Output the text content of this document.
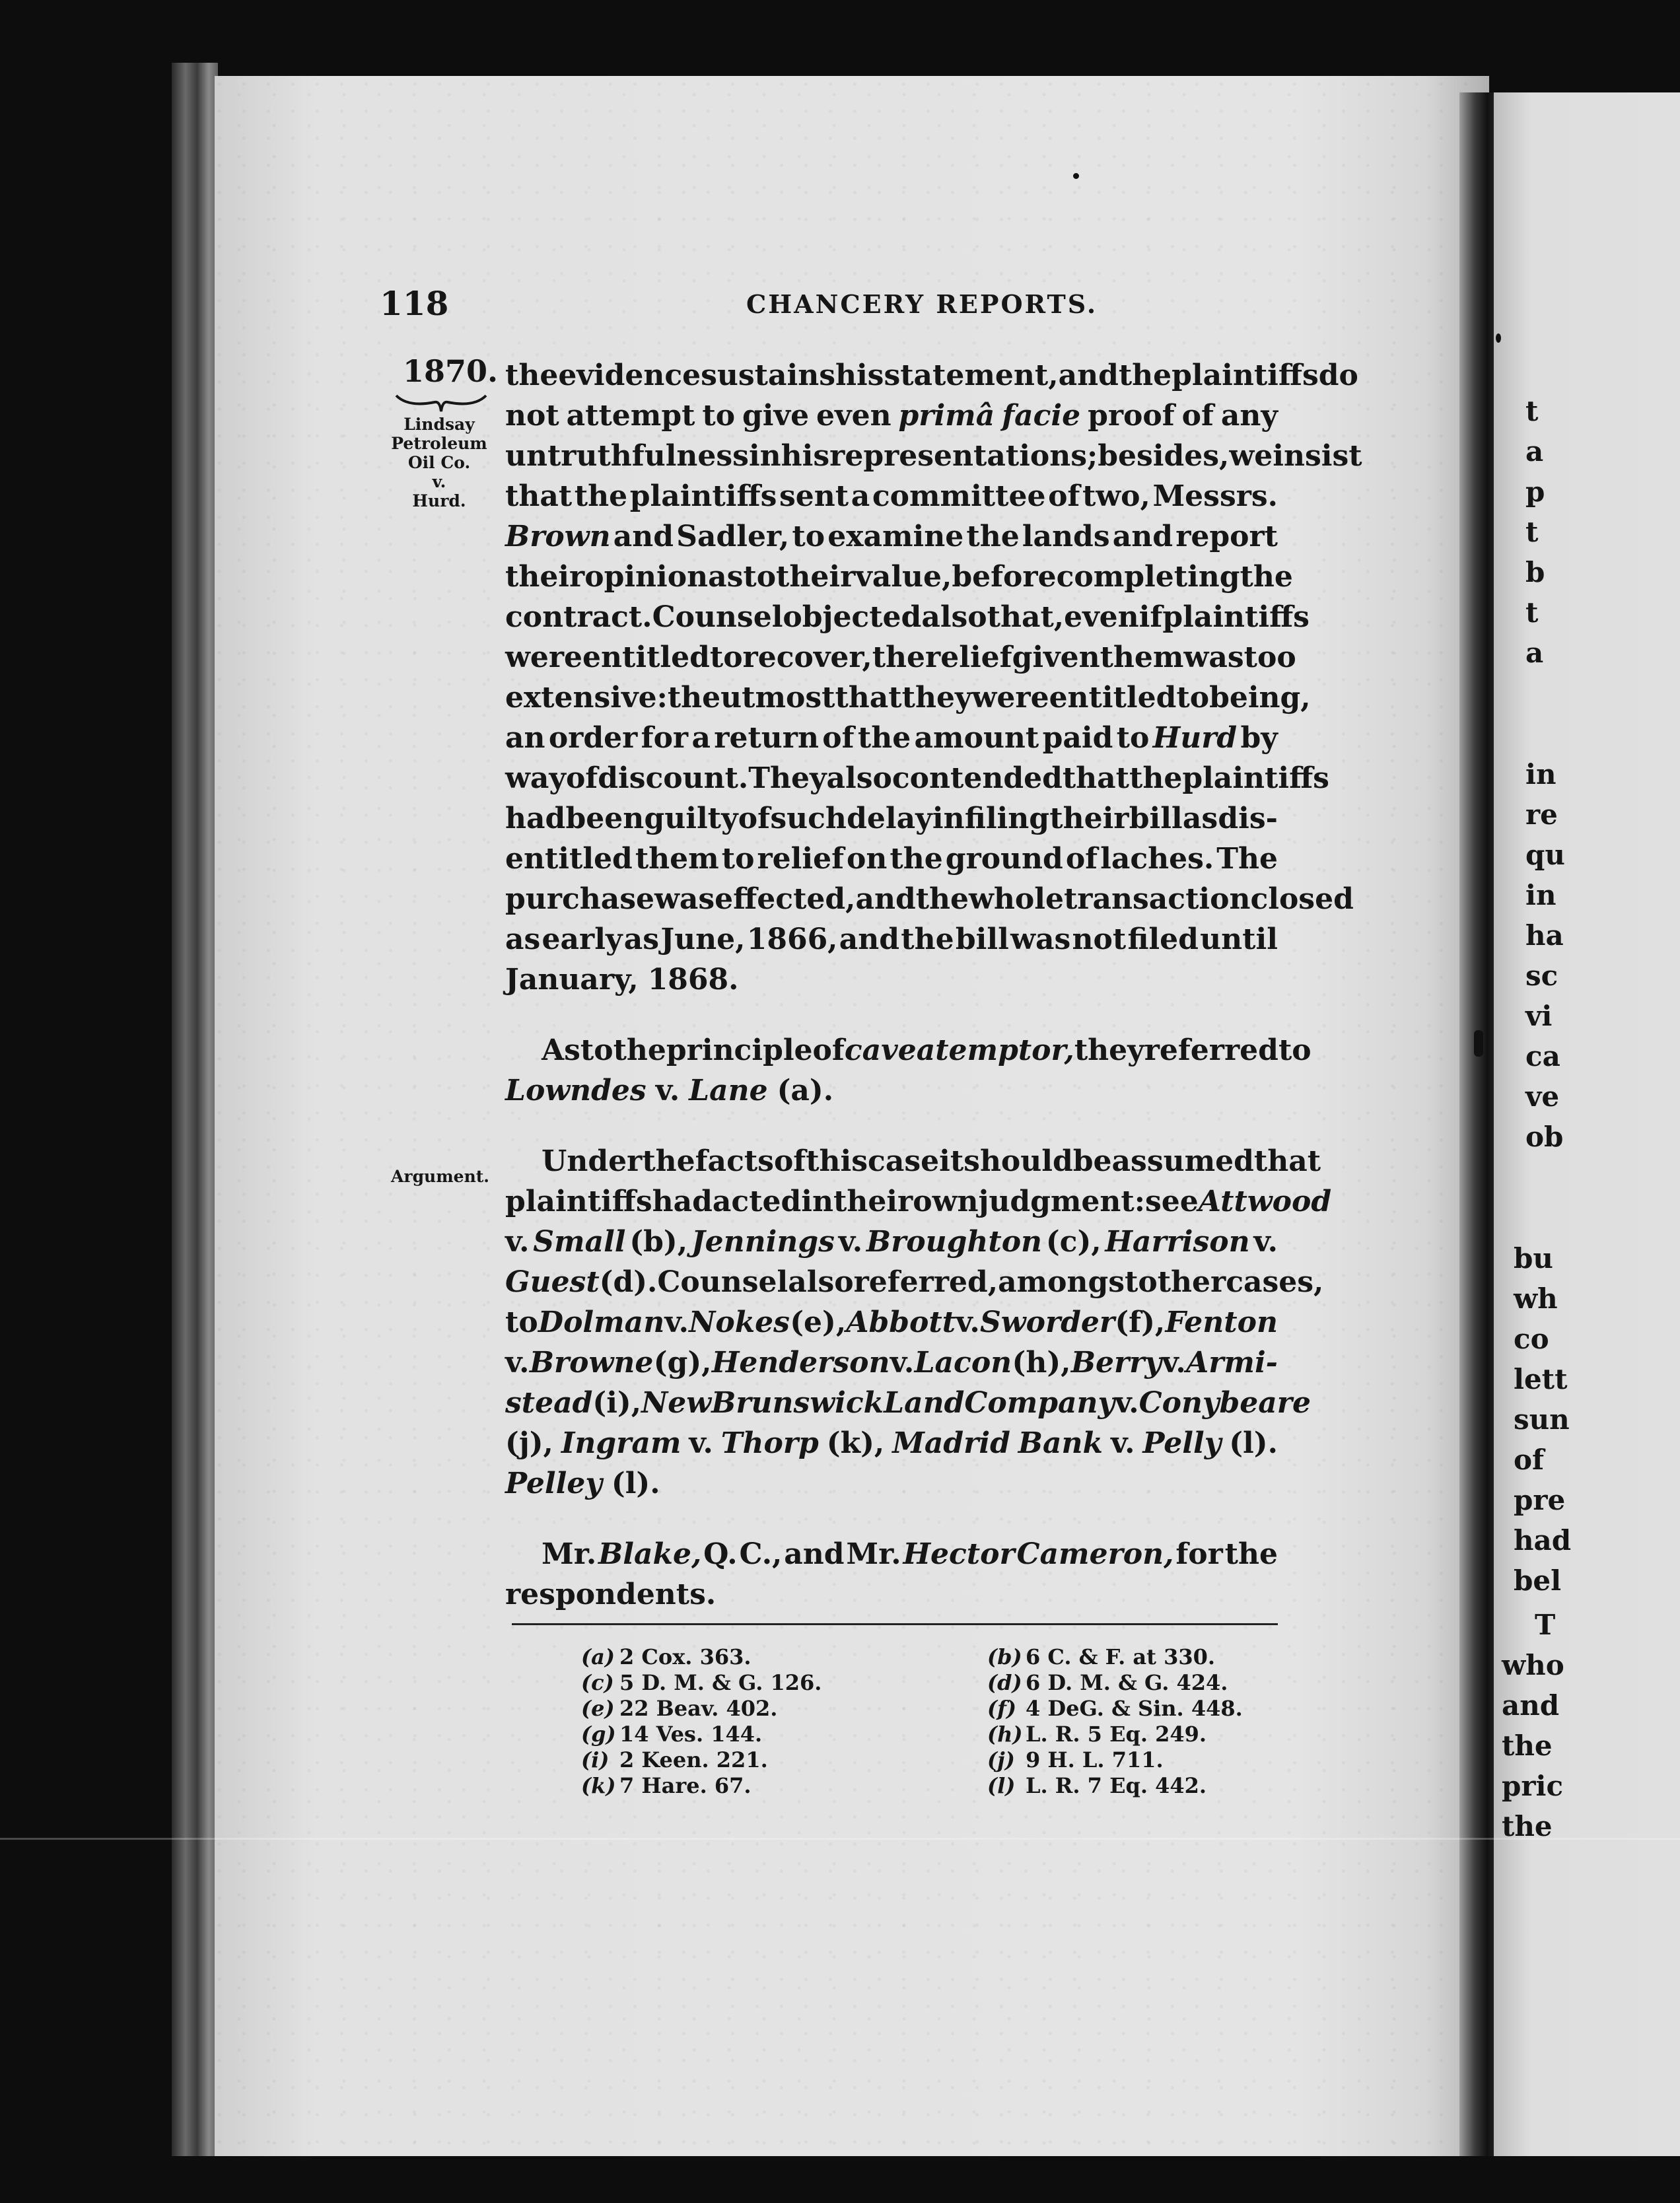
118	CHANCERY REPORTS.
1870.
Lindsay
Petroleum
Oil Co.
v.
Hurd.
Argument.
the evidence sustains his statement, and the plaintiffs do
not attempt to give even primâ facie proof of any
untruthfulness in his representations ; besides, we insist
that the plaintiffs sent a committee of two, Messrs.
Brown and Sadler, to examine the lands and report
their opinion as to their value, before completing the
contract. Counsel objected also that, even if plaintiffs
were entitled to recover, the relief given them was too
extensive : the utmost that they were entitled to being,
an order for a return of the amount paid to Hurd by
way of discount. They also contended that the plaintiffs
had been guilty of such delay in filing their bill as dis-
entitled them to relief on the ground of laches. The
purchase was effected, and the whole transaction closed
as early as June, 1866, and the bill was not filed until
January, 1868.
As to the principle of caveat emptor, they referred to
Lowndes v. Lane (a).
Under the facts of this case it should be assumed that
plaintiffs had acted in their own judgment : see Attwood
v. Small (b), Jennings v. Broughton (c), Harrison v.
Guest (d). Counsel also referred, amongst other cases,
to Dolman v. Nokes (e), Abbott v. Sworder (f), Fenton
v. Browne (g), Henderson v. Lacon (h), Berry v. Armi-
stead (i), New Brunswick Land Company v. Conybeare
(j), Ingram v. Thorp (k), Madrid Bank v. Pelly (l).
Pelley (l).
Mr. Blake, Q. C., and Mr. Hector Cameron, for the
respondents.
(a) 2 Cox. 363.
(c) 5 D. M. & G. 126.
(e) 22 Beav. 402.
(g) 14 Ves. 144.
(i) 2 Keen. 221.
(k) 7 Hare. 67.
(b) 6 C. & F. at 330.
(d) 6 D. M. & G. 424.
(f) 4 DeG. & Sin. 448.
(h) L. R. 5 Eq. 249.
(j) 9 H. L. 711.
(l) L. R. 7 Eq. 442.
t
a
p
t
b
t
a
in
re
qu
in
ha
sc
vi
ca
ve
ob
bu
wh
co
lett
sun
of
pre
had
bel
T
who
and
the
pric
the
